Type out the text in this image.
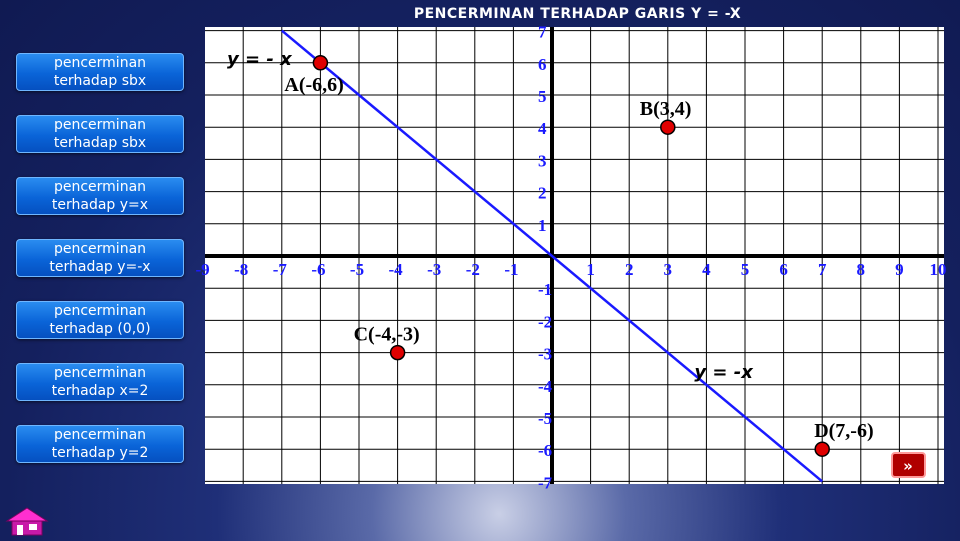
PENCERMINAN TERHADAP GARIS Y = -X
pencerminan
terhadap sbx
pencerminan
terhadap sbx
pencerminan
terhadap y=x
pencerminan
terhadap y=-x
pencerminan
terhadap (0,0)
pencerminan
terhadap x=2
pencerminan
terhadap y=2
-9 -8 -7 -6 -5 -4 -3 -2 -1	1 2 3 4 5 6 7 8 9 10
-7
-6
-5
-4
-3
-2
-1
1
2
3
4
5
6
7
y = - x
y = -x
A(-6,6)
B(3,4)
C(-4,-3)
D(7,-6)
»
